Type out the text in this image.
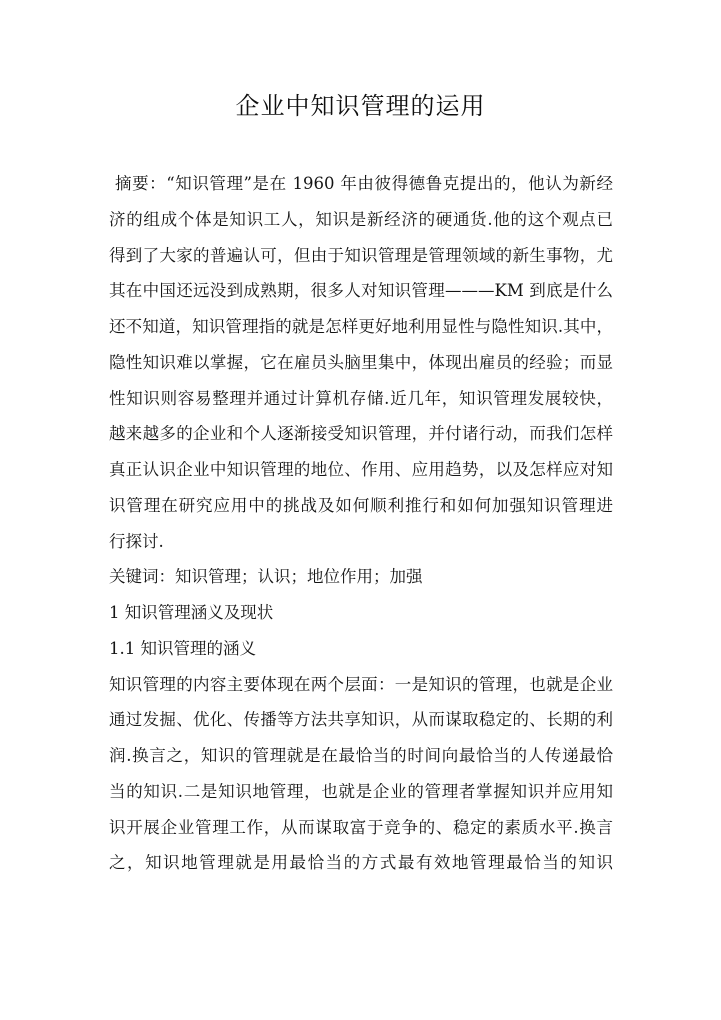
企业中知识管理的运用
摘要：“知识管理”是在 1960 年由彼得德鲁克提出的，他认为新经
济的组成个体是知识工人，知识是新经济的硬通货.他的这个观点已
得到了大家的普遍认可，但由于知识管理是管理领域的新生事物，尤
其在中国还远没到成熟期，很多人对知识管理———KM 到底是什么
还不知道，知识管理指的就是怎样更好地利用显性与隐性知识.其中，
隐性知识难以掌握，它在雇员头脑里集中，体现出雇员的经验；而显
性知识则容易整理并通过计算机存储.近几年，知识管理发展较快，
越来越多的企业和个人逐渐接受知识管理，并付诸行动，而我们怎样
真正认识企业中知识管理的地位、作用、应用趋势，以及怎样应对知
识管理在研究应用中的挑战及如何顺利推行和如何加强知识管理进
行探讨.
关键词：知识管理；认识；地位作用；加强
1 知识管理涵义及现状
1.1 知识管理的涵义
知识管理的内容主要体现在两个层面：一是知识的管理，也就是企业
通过发掘、优化、传播等方法共享知识，从而谋取稳定的、长期的利
润.换言之，知识的管理就是在最恰当的时间向最恰当的人传递最恰
当的知识.二是知识地管理，也就是企业的管理者掌握知识并应用知
识开展企业管理工作，从而谋取富于竞争的、稳定的素质水平.换言
之，知识地管理就是用最恰当的方式最有效地管理最恰当的知识
